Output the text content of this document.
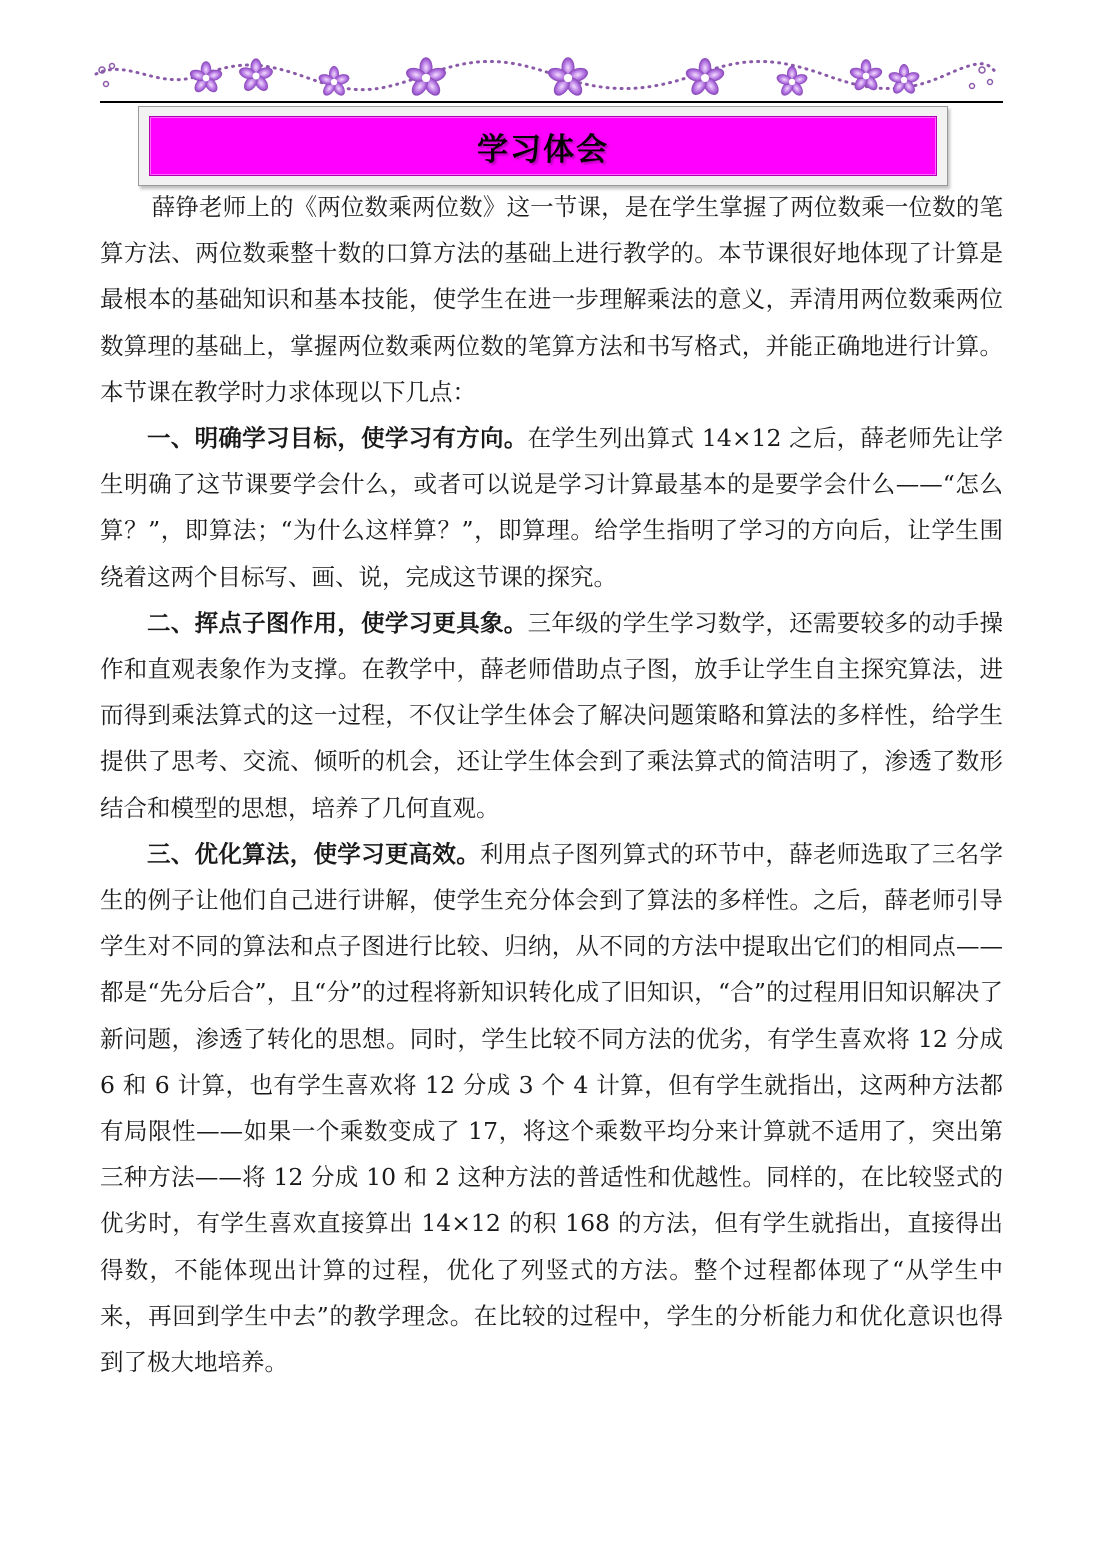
学习体会

薛铮老师上的《两位数乘两位数》这一节课，是在学生掌握了两位数乘一位数的笔算方法、两位数乘整十数的口算方法的基础上进行教学的。本节课很好地体现了计算是最根本的基础知识和基本技能，使学生在进一步理解乘法的意义，弄清用两位数乘两位数算理的基础上，掌握两位数乘两位数的笔算方法和书写格式，并能正确地进行计算。本节课在教学时力求体现以下几点：

一、明确学习目标，使学习有方向。在学生列出算式 14×12 之后，薛老师先让学生明确了这节课要学会什么，或者可以说是学习计算最基本的是要学会什么——“怎么算？”，即算法；“为什么这样算？”，即算理。给学生指明了学习的方向后，让学生围绕着这两个目标写、画、说，完成这节课的探究。

二、挥点子图作用，使学习更具象。三年级的学生学习数学，还需要较多的动手操作和直观表象作为支撑。在教学中，薛老师借助点子图，放手让学生自主探究算法，进而得到乘法算式的这一过程，不仅让学生体会了解决问题策略和算法的多样性，给学生提供了思考、交流、倾听的机会，还让学生体会到了乘法算式的简洁明了，渗透了数形结合和模型的思想，培养了几何直观。

三、优化算法，使学习更高效。利用点子图列算式的环节中，薛老师选取了三名学生的例子让他们自己进行讲解，使学生充分体会到了算法的多样性。之后，薛老师引导学生对不同的算法和点子图进行比较、归纳，从不同的方法中提取出它们的相同点——都是“先分后合”，且“分”的过程将新知识转化成了旧知识，“合”的过程用旧知识解决了新问题，渗透了转化的思想。同时，学生比较不同方法的优劣，有学生喜欢将 12 分成 6 和 6 计算，也有学生喜欢将 12 分成 3 个 4 计算，但有学生就指出，这两种方法都有局限性——如果一个乘数变成了 17，将这个乘数平均分来计算就不适用了，突出第三种方法——将 12 分成 10 和 2 这种方法的普适性和优越性。同样的，在比较竖式的优劣时，有学生喜欢直接算出 14×12 的积 168 的方法，但有学生就指出，直接得出得数，不能体现出计算的过程，优化了列竖式的方法。整个过程都体现了“从学生中来，再回到学生中去”的教学理念。在比较的过程中，学生的分析能力和优化意识也得到了极大地培养。
